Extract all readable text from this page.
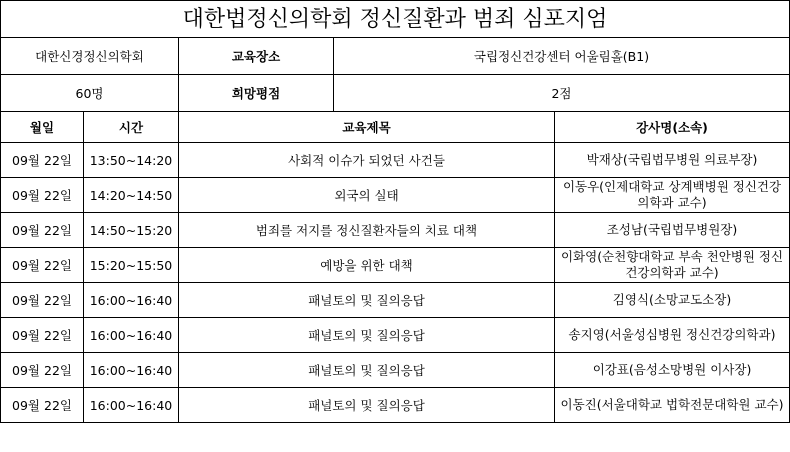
대한법정신의학회 정신질환과 범죄 심포지엄				
대한신경정신의학회		교육장소	국립정신건강센터 어울림홀(B1)	
60명		희망평점	2점	
월일	시간	교육제목		강사명(소속)
09월 22일	13:50~14:20	사회적 이슈가 되었던 사건들		박재상(국립법무병원 의료부장)
09월 22일	14:20~14:50	외국의 실태		이동우(인제대학교 상계백병원 정신건강의학과 교수)
09월 22일	14:50~15:20	범죄를 저지를 정신질환자들의 치료 대책		조성남(국립법무병원장)
09월 22일	15:20~15:50	예방을 위한 대책		이화영(순천향대학교 부속 천안병원 정신건강의학과 교수)
09월 22일	16:00~16:40	패널토의 및 질의응답		김영식(소망교도소장)
09월 22일	16:00~16:40	패널토의 및 질의응답		송지영(서울성심병원 정신건강의학과)
09월 22일	16:00~16:40	패널토의 및 질의응답		이강표(음성소망병원 이사장)
09월 22일	16:00~16:40	패널토의 및 질의응답		이동진(서울대학교 법학전문대학원 교수)
